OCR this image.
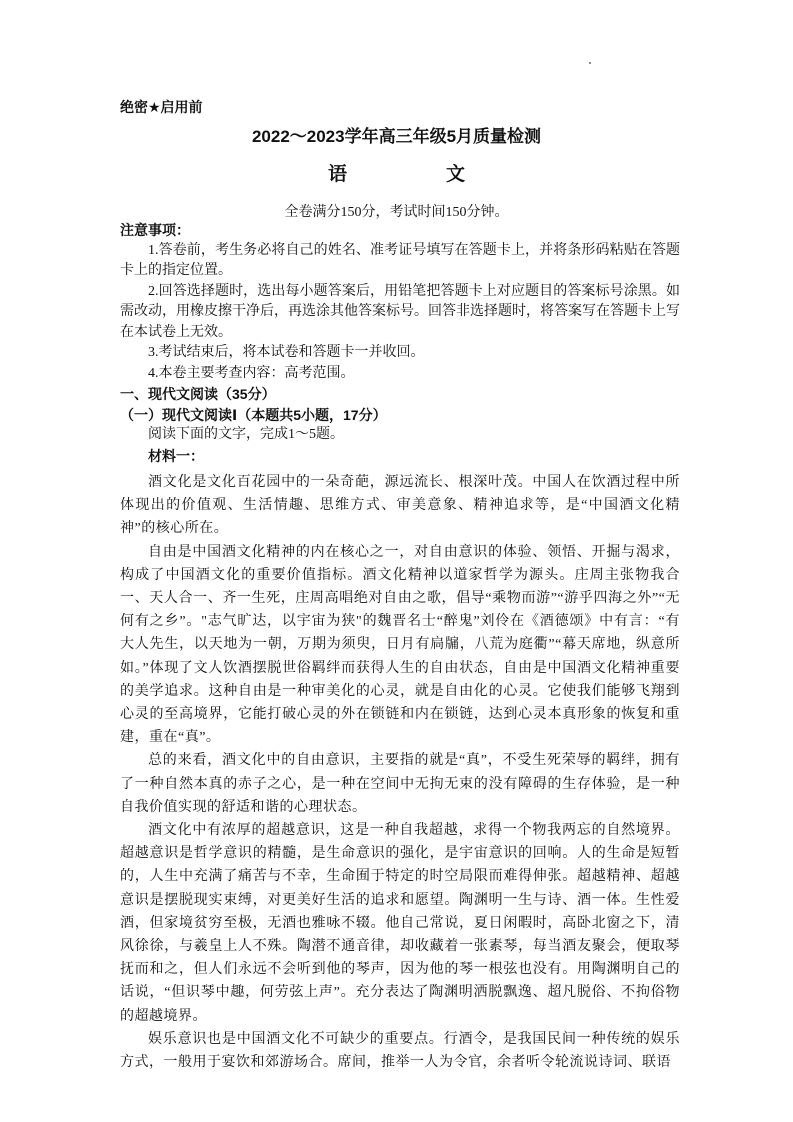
绝密★启用前
2022～2023学年高三年级5月质量检测
语　文
全卷满分150分，考试时间150分钟。
注意事项：

1.答卷前，考生务必将自己的姓名、准考证号填写在答题卡上，并将条形码粘贴在答题卡上的指定位置。

2.回答选择题时，选出每小题答案后，用铅笔把答题卡上对应题目的答案标号涂黑。如需改动，用橡皮擦干净后，再选涂其他答案标号。回答非选择题时，将答案写在答题卡上写在本试卷上无效。

3.考试结束后，将本试卷和答题卡一并收回。

4.本卷主要考查内容：高考范围。

一、现代文阅读（35分）
（一）现代文阅读Ⅰ（本题共5小题，17分）

阅读下面的文字，完成1～5题。

材料一：

酒文化是文化百花园中的一朵奇葩，源远流长、根深叶茂。中国人在饮酒过程中所体现出的价值观、生活情趣、思维方式、审美意象、精神追求等，是“中国酒文化精神”的核心所在。

自由是中国酒文化精神的内在核心之一，对自由意识的体验、领悟、开掘与渴求，构成了中国酒文化的重要价值指标。酒文化精神以道家哲学为源头。庄周主张物我合一、天人合一、齐一生死，庄周高唱绝对自由之歌，倡导“乘物而游”“游乎四海之外”“无何有之乡”。"志气旷达，以宇宙为狭"的魏晋名士“醉鬼”刘伶在《酒德颂》中有言：“有大人先生，以天地为一朝，万期为须臾，日月有扃牖，八荒为庭衢”“幕天席地，纵意所如。”体现了文人饮酒摆脱世俗羁绊而获得人生的自由状态，自由是中国酒文化精神重要的美学追求。这种自由是一种审美化的心灵，就是自由化的心灵。它使我们能够飞翔到心灵的至高境界，它能打破心灵的外在锁链和内在锁链，达到心灵本真形象的恢复和重建，重在“真”。

总的来看，酒文化中的自由意识，主要指的就是“真”，不受生死荣辱的羁绊，拥有了一种自然本真的赤子之心，是一种在空间中无拘无束的没有障碍的生存体验，是一种自我价值实现的舒适和谐的心理状态。

酒文化中有浓厚的超越意识，这是一种自我超越，求得一个物我两忘的自然境界。超越意识是哲学意识的精髓，是生命意识的强化，是宇宙意识的回响。人的生命是短暂的，人生中充满了痛苦与不幸，生命囿于特定的时空局限而难得伸张。超越精神、超越意识是摆脱现实束缚，对更美好生活的追求和愿望。陶渊明一生与诗、酒一体。生性爱酒，但家境贫穷至极，无酒也雅咏不辍。他自己常说，夏日闲暇时，高卧北窗之下，清风徐徐，与羲皇上人不殊。陶潜不通音律，却收藏着一张素琴，每当酒友聚会，便取琴抚而和之，但人们永远不会听到他的琴声，因为他的琴一根弦也没有。用陶渊明自己的话说，“但识琴中趣，何劳弦上声”。充分表达了陶渊明洒脱飘逸、超凡脱俗、不拘俗物的超越境界。

娱乐意识也是中国酒文化不可缺少的重要点。行酒令，是我国民间一种传统的娱乐方式，一般用于宴饮和郊游场合。席间，推举一人为令官，余者听令轮流说诗词、联语
